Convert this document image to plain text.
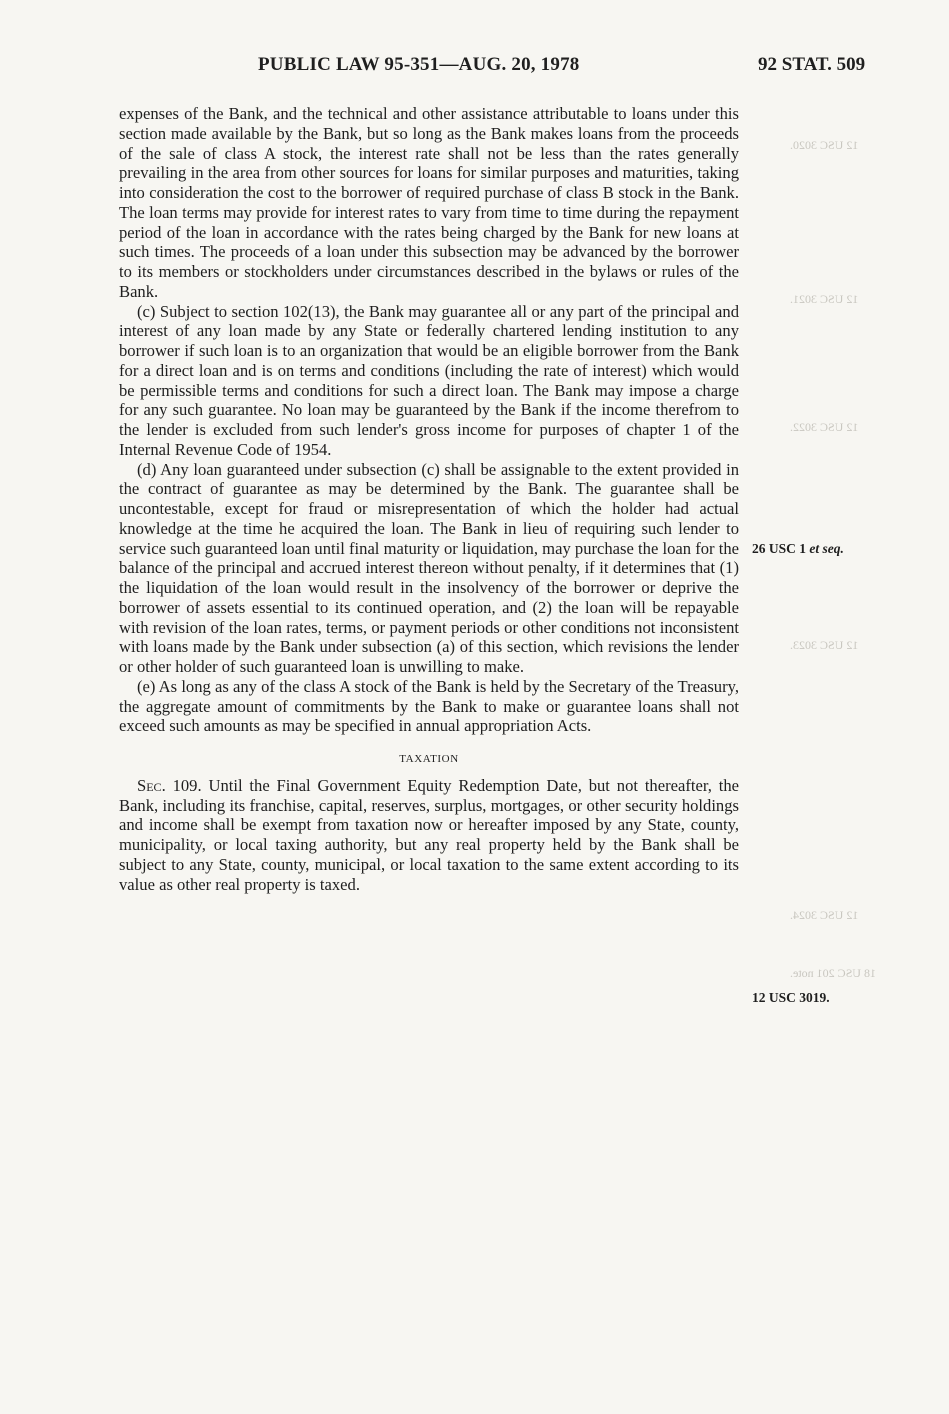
12 USC 3020.
12 USC 3021.
12 USC 3022.
12 USC 3023.
12 USC 3024.
18 USC 201 note.
PUBLIC LAW 95-351—AUG. 20, 1978	92 STAT. 509

expenses of the Bank, and the technical and other assistance attributable to loans under this section made available by the Bank, but so long as the Bank makes loans from the proceeds of the sale of class A stock, the interest rate shall not be less than the rates generally prevailing in the area from other sources for loans for similar purposes and maturities, taking into consideration the cost to the borrower of required purchase of class B stock in the Bank. The loan terms may provide for interest rates to vary from time to time during the repayment period of the loan in accordance with the rates being charged by the Bank for new loans at such times. The proceeds of a loan under this subsection may be advanced by the borrower to its members or stockholders under circumstances described in the bylaws or rules of the Bank.

(c) Subject to section 102(13), the Bank may guarantee all or any part of the principal and interest of any loan made by any State or federally chartered lending institution to any borrower if such loan is to an organization that would be an eligible borrower from the Bank for a direct loan and is on terms and conditions (including the rate of interest) which would be permissible terms and conditions for such a direct loan. The Bank may impose a charge for any such guarantee. No loan may be guaranteed by the Bank if the income therefrom to the lender is excluded from such lender's gross income for purposes of chapter 1 of the Internal Revenue Code of 1954.

(d) Any loan guaranteed under subsection (c) shall be assignable to the extent provided in the contract of guarantee as may be determined by the Bank. The guarantee shall be uncontestable, except for fraud or misrepresentation of which the holder had actual knowledge at the time he acquired the loan. The Bank in lieu of requiring such lender to service such guaranteed loan until final maturity or liquidation, may purchase the loan for the balance of the principal and accrued interest thereon without penalty, if it determines that (1) the liquidation of the loan would result in the insolvency of the borrower or deprive the borrower of assets essential to its continued operation, and (2) the loan will be repayable with revision of the loan rates, terms, or payment periods or other conditions not inconsistent with loans made by the Bank under subsection (a) of this section, which revisions the lender or other holder of such guaranteed loan is unwilling to make.

(e) As long as any of the class A stock of the Bank is held by the Secretary of the Treasury, the aggregate amount of commitments by the Bank to make or guarantee loans shall not exceed such amounts as may be specified in annual appropriation Acts.

TAXATION

Sec. 109. Until the Final Government Equity Redemption Date, but not thereafter, the Bank, including its franchise, capital, reserves, surplus, mortgages, or other security holdings and income shall be exempt from taxation now or hereafter imposed by any State, county, municipality, or local taxing authority, but any real property held by the Bank shall be subject to any State, county, municipal, or local taxation to the same extent according to its value as other real property is taxed.

26 USC 1 et seq.
12 USC 3019.
